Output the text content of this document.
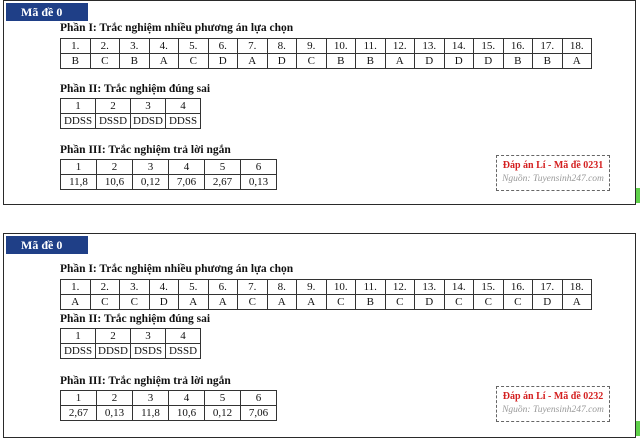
Mã đề 0
Phần I: Trắc nghiệm nhiều phương án lựa chọn
1.	2.	3.	4.	5.	6.	7.	8.	9.	10.	11.	12.	13.	14.	15.	16.	17.	18.
B	C	B	A	C	D	A	D	C	B	B	A	D	D	D	B	B	A
Phần II: Trắc nghiệm đúng sai
1	2	3	4
DDSS	DSSD	DDSD	DDSS
Phần III: Trắc nghiệm trả lời ngắn
1	2	3	4	5	6
11,8	10,6	0,12	7,06	2,67	0,13
Đáp án Lí - Mã đề 0231
Nguồn: Tuyensinh247.com
Mã đề 0
Phần I: Trắc nghiệm nhiều phương án lựa chọn
1.	2.	3.	4.	5.	6.	7.	8.	9.	10.	11.	12.	13.	14.	15.	16.	17.	18.
A	C	C	D	A	A	C	A	A	C	B	C	D	C	C	C	D	A
Phần II: Trắc nghiệm đúng sai
1	2	3	4
DDSS	DDSD	DSDS	DSSD
Phần III: Trắc nghiệm trả lời ngắn
1	2	3	4	5	6
2,67	0,13	11,8	10,6	0,12	7,06
Đáp án Lí - Mã đề 0232
Nguồn: Tuyensinh247.com
